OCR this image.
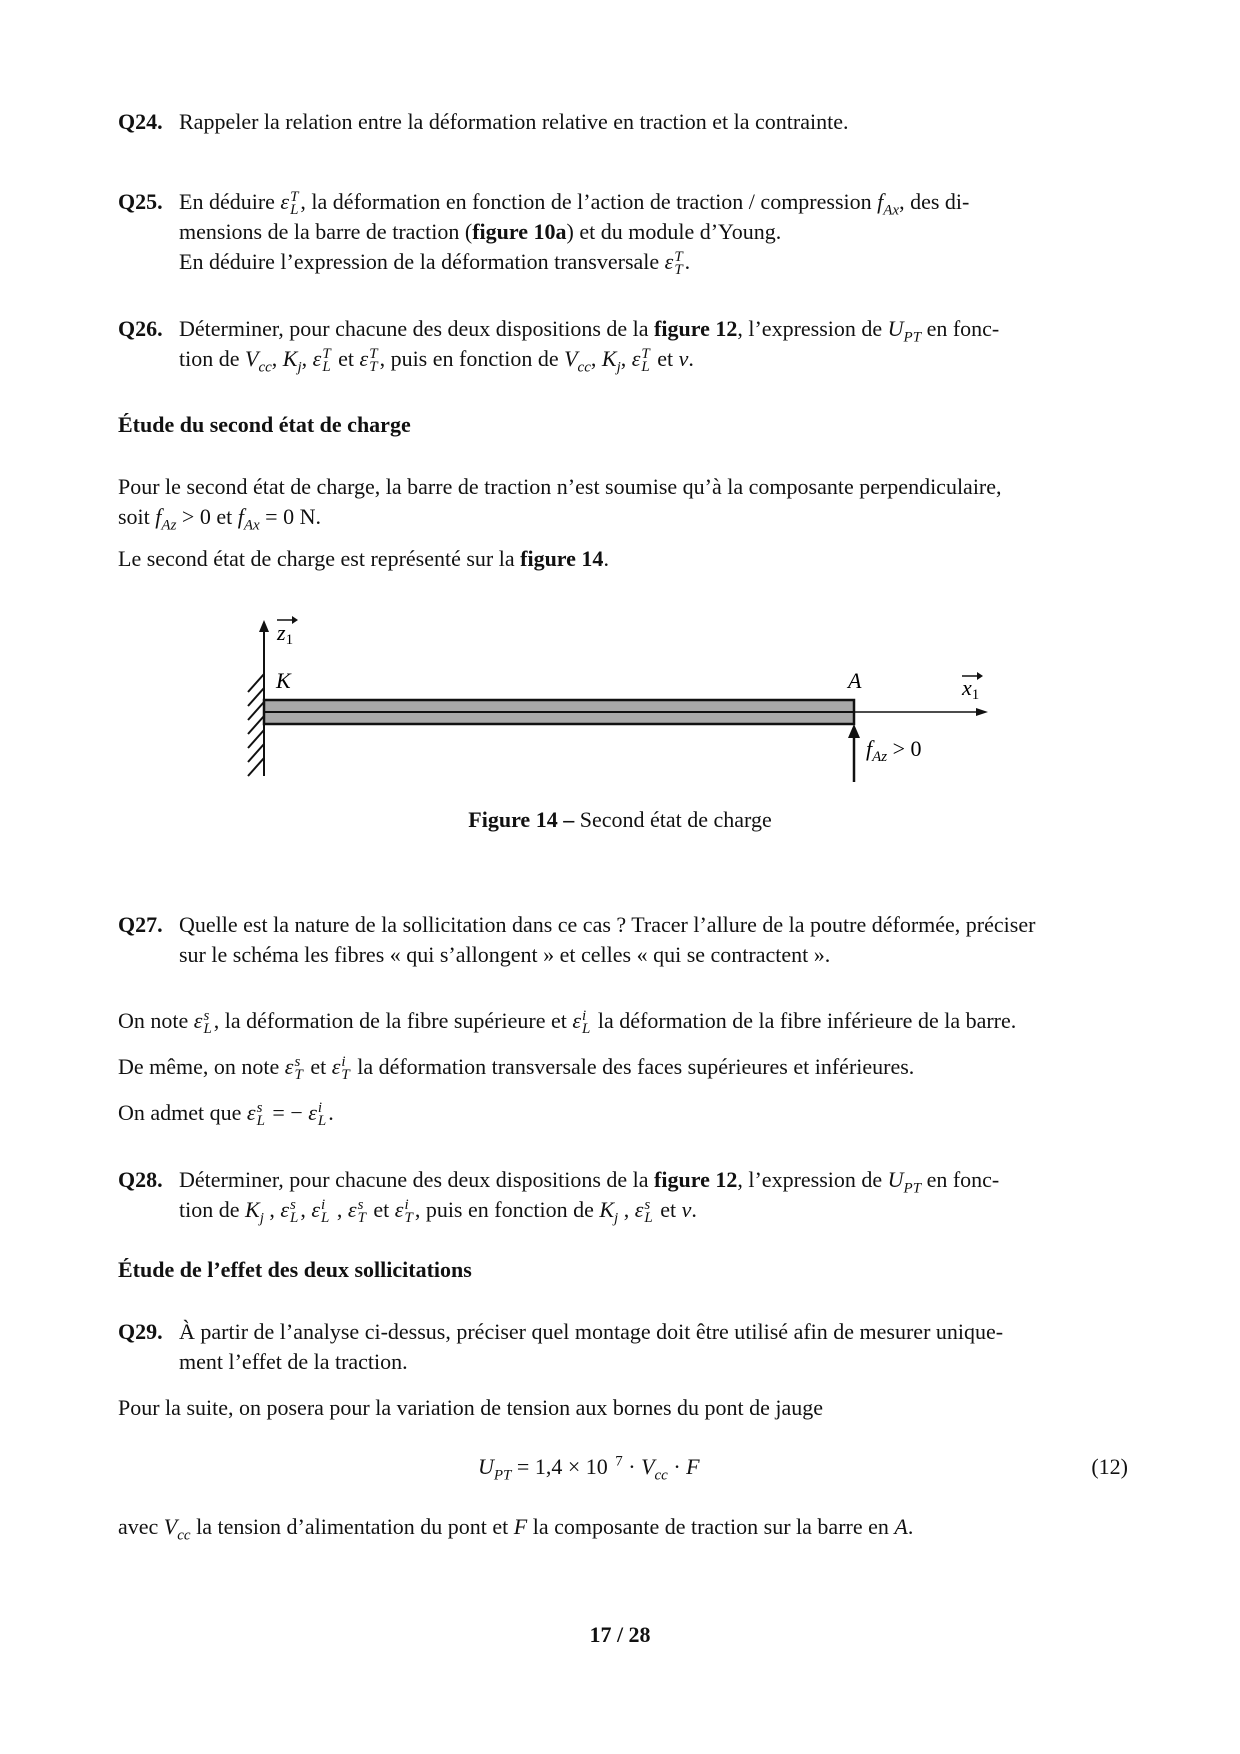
Q24. Rappeler la relation entre la déformation relative en traction et la contrainte.
Q25. En déduire ε T
L , la déformation en fonction de l’action de traction / compression $f_{Ax}$, des di-
mensions de la barre de traction (figure 10a) et du module d’Young.
En déduire l’expression de la déformation transversale ε T
T .
Q26. Déterminer, pour chacune des deux dispositions de la figure 12, l’expression de $U_{PT}$ en fonc-
tion de $V_{cc}$, $K_j$, ε T
L et ε T
T , puis en fonction de $V_{cc}$, $K_j$, ε T
L et ν.
Étude du second état de charge
Pour le second état de charge, la barre de traction n’est soumise qu’à la composante perpendiculaire,
soit $f_{Az} > 0$ et $f_{Ax} = 0$ N.
Le second état de charge est représenté sur la figure 14.
z1
K	A	x1
$f_{Az} > 0$
Figure 14 – Second état de charge
Q27. Quelle est la nature de la sollicitation dans ce cas ? Tracer l’allure de la poutre déformée, préciser
sur le schéma les fibres « qui s’allongent » et celles « qui se contractent ».
On note ε s
L , la déformation de la fibre supérieure et ε i
L la déformation de la fibre inférieure de la barre.
De même, on note ε s
T et ε i
T la déformation transversale des faces supérieures et inférieures.
On admet que ε s
L = − ε i
L .
Q28. Déterminer, pour chacune des deux dispositions de la figure 12, l’expression de $U_{PT}$ en fonc-
tion de $K_j$ , ε s
L , ε i
L , ε s
T et ε i
T , puis en fonction de $K_j$ , ε s
L et ν.
Étude de l’effet des deux sollicitations
Q29. À partir de l’analyse ci-dessus, préciser quel montage doit être utilisé afin de mesurer unique-
ment l’effet de la traction.
Pour la suite, on posera pour la variation de tension aux bornes du pont de jauge
$U_{PT} = 1,4 \times 10$ $^7 \cdot V_{cc} \cdot F$	(12)
avec $V_{cc}$ la tension d’alimentation du pont et F la composante de traction sur la barre en A.
17 / 28
